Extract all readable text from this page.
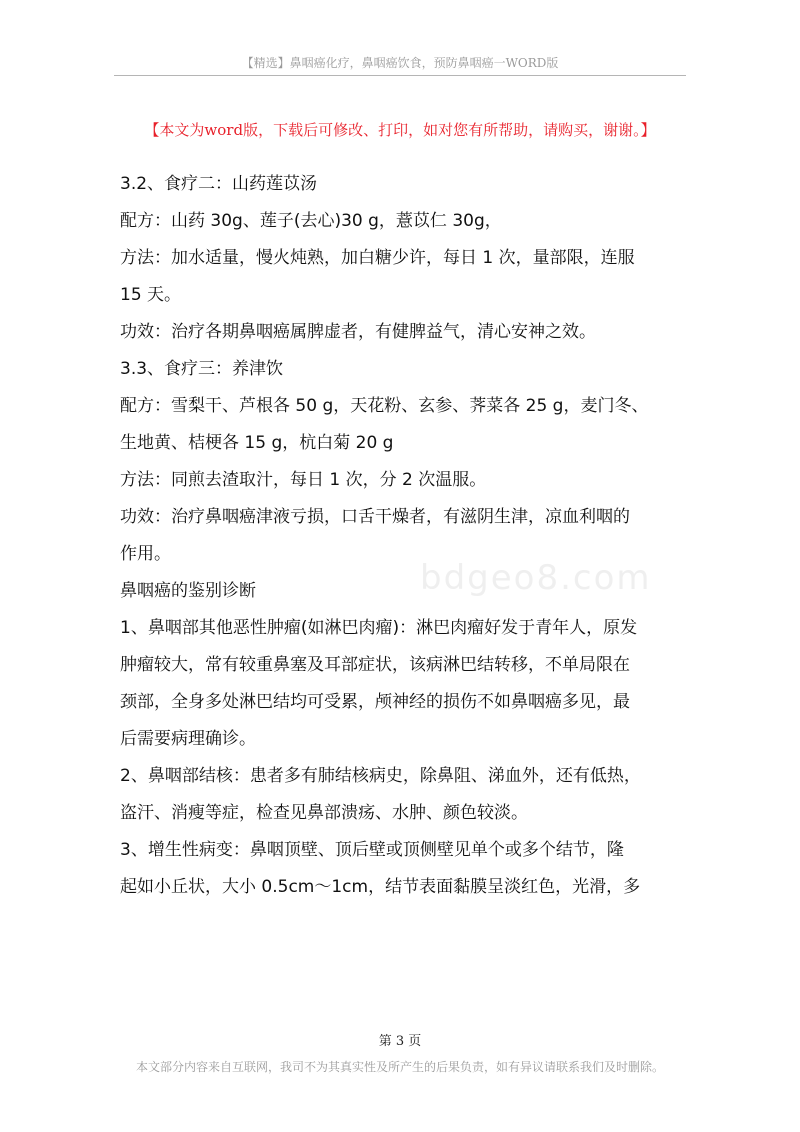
【精选】鼻咽癌化疗，鼻咽癌饮食，预防鼻咽癌一WORD版
【本文为word版，下载后可修改、打印，如对您有所帮助，请购买，谢谢。】
bdgeo8.com
3.2、食疗二：山药莲苡汤
配方：山药 30g、莲子(去心)30 g，薏苡仁 30g，
方法：加水适量，慢火炖熟，加白糖少许，每日 1 次，量部限，连服
15 天。
功效：治疗各期鼻咽癌属脾虚者，有健脾益气，清心安神之效。
3.3、食疗三：养津饮
配方：雪梨干、芦根各 50 g，天花粉、玄参、荠菜各 25 g，麦门冬、
生地黄、桔梗各 15 g，杭白菊 20 g
方法：同煎去渣取汁，每日 1 次，分 2 次温服。
功效：治疗鼻咽癌津液亏损，口舌干燥者，有滋阴生津，凉血利咽的
作用。
鼻咽癌的鉴别诊断
1、鼻咽部其他恶性肿瘤(如淋巴肉瘤)：淋巴肉瘤好发于青年人，原发
肿瘤较大，常有较重鼻塞及耳部症状，该病淋巴结转移，不单局限在
颈部，全身多处淋巴结均可受累，颅神经的损伤不如鼻咽癌多见，最
后需要病理确诊。
2、鼻咽部结核：患者多有肺结核病史，除鼻阻、涕血外，还有低热，
盗汗、消瘦等症，检查见鼻部溃疡、水肿、颜色较淡。
3、增生性病变：鼻咽顶壁、顶后壁或顶侧壁见单个或多个结节，隆
起如小丘状，大小 0.5cm～1cm，结节表面黏膜呈淡红色，光滑，多
第 3 页
本文部分内容来自互联网，我司不为其真实性及所产生的后果负责，如有异议请联系我们及时删除。
